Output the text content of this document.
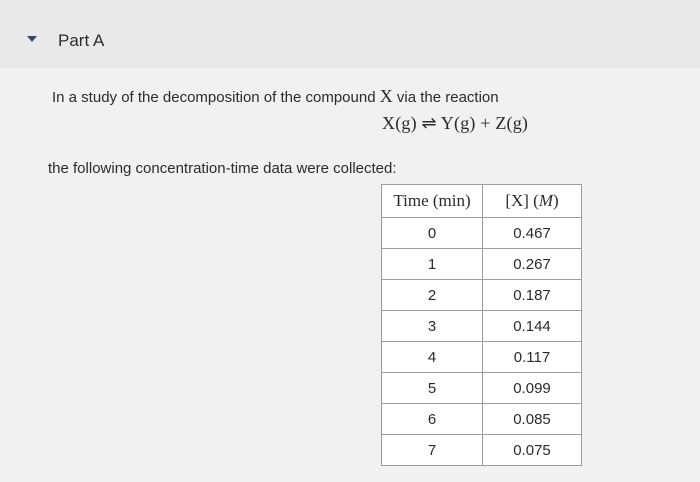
Part A
In a study of the decomposition of the compound X via the reaction
X(g) ⇌ Y(g) + Z(g)
the following concentration-time data were collected:
Time (min)	[X] (M)
0	0.467
1	0.267
2	0.187
3	0.144
4	0.117
5	0.099
6	0.085
7	0.075
